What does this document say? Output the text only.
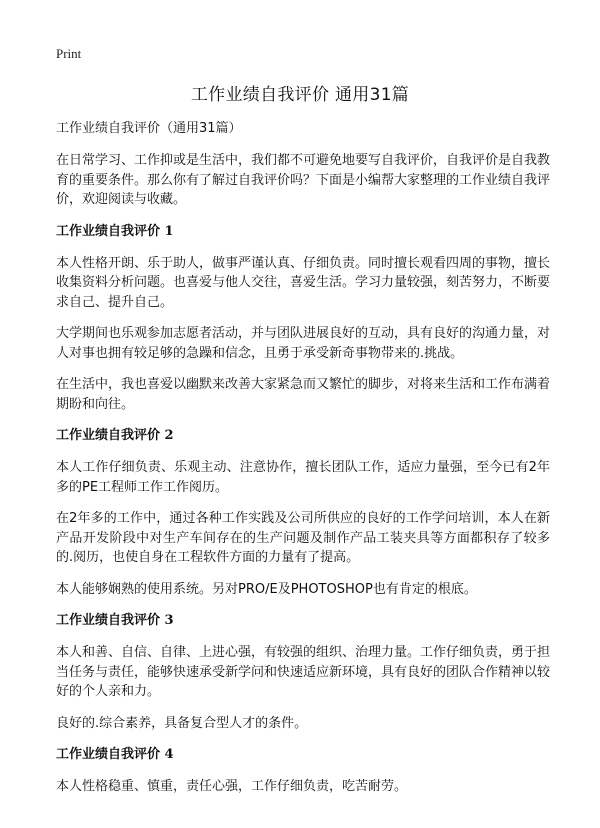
Print
工作业绩自我评价 通用31篇
工作业绩自我评价（通用31篇）

在日常学习、工作抑或是生活中，我们都不可避免地要写自我评价，自我评价是自我教育的重要条件。那么你有了解过自我评价吗？下面是小编帮大家整理的工作业绩自我评价，欢迎阅读与收藏。

工作业绩自我评价 1

本人性格开朗、乐于助人，做事严谨认真、仔细负责。同时擅长观看四周的事物，擅长收集资料分析问题。也喜爱与他人交往，喜爱生活。学习力量较强，刻苦努力，不断要求自己、提升自己。

大学期间也乐观参加志愿者活动，并与团队进展良好的互动，具有良好的沟通力量，对人对事也拥有较足够的急躁和信念，且勇于承受新奇事物带来的.挑战。

在生活中，我也喜爱以幽默来改善大家紧急而又繁忙的脚步，对将来生活和工作布满着期盼和向往。

工作业绩自我评价 2

本人工作仔细负责、乐观主动、注意协作，擅长团队工作，适应力量强，至今已有2年多的PE工程师工作工作阅历。

在2年多的工作中，通过各种工作实践及公司所供应的良好的工作学问培训，本人在新产品开发阶段中对生产车间存在的生产问题及制作产品工装夹具等方面都积存了较多的.阅历，也使自身在工程软件方面的力量有了提高。

本人能够娴熟的使用系统。另对PRO/E及PHOTOSHOP也有肯定的根底。

工作业绩自我评价 3

本人和善、自信、自律、上进心强，有较强的组织、治理力量。工作仔细负责，勇于担当任务与责任，能够快速承受新学问和快速适应新环境，具有良好的团队合作精神以较好的个人亲和力。

良好的.综合素养，具备复合型人才的条件。

工作业绩自我评价 4

本人性格稳重、慎重，责任心强，工作仔细负责，吃苦耐劳。
